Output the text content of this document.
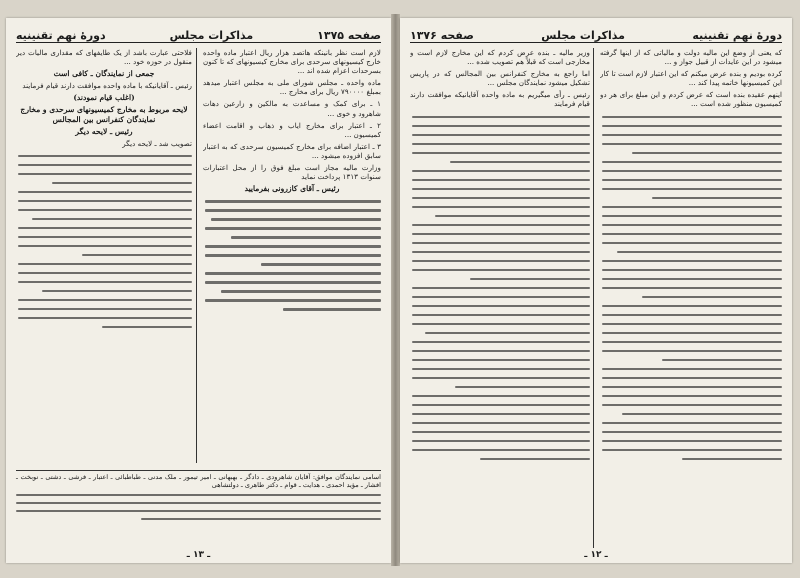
صفحه ۱۳۷۵
مذاکرات مجلس
دورهٔ نهم تقنینیه

لازم است نظر بانینکه هاتصد هزار ریال اعتبار ماده واحده خارج کیسیونهای سرحدی برای مخارج کیسیونهای که تا کنون بسرحدات اعزام شده اند ...

ماده واحده ـ مجلس شورای ملی به مجلس اعتبار میدهد بمبلغ ۷۹۰۰۰۰ ریال برای مخارج ...

۱ ـ برای کمک و مساعدت به مالکین و زارعین دهات شاهرود و خوی ...

۲ ـ اعتبار برای مخارج ایاب و ذهاب و اقامت اعضاء کمیسیون ...

۳ ـ اعتبار اضافه برای مخارج کمیسیون سرحدی که به اعتبار سابق افزوده میشود ...

وزارت مالیه مجاز است مبلغ فوق را از محل اعتبارات سنوات ۱۳۱۳ پرداخت نماید

رئیس ـ آقای کازرونی بفرمایید

فلاحتی عبارت باشد از یک طایفهای که مقداری مالیات دیر منقول در حوزه خود ...

جمعی از نمایندگان ـ کافی است

رئیس ـ آقایانیکه با ماده واحده موافقت دارند قیام فرمایند

(اغلب قیام نمودند)

لایحه مربوط به مخارج کمیسیونهای سرحدی و مخارج نمایندگان کنفرانس بین المجالس

رئیس ـ لایحه دیگر

تصویب شد ـ لایحه دیگر

اسامی نمایندگان موافق: آقایان شاهرودی ـ دادگر ـ بهبهانی ـ امیر تیمور ـ ملک مدنی ـ طباطبائی ـ اعتبار ـ فرشی ـ دشتی ـ نوبخت ـ افشار ـ مؤید احمدی ـ هدایت ـ قوام ـ دکتر طاهری ـ دولتشاهی

ـ ۱۳ ـ
دورهٔ نهم تقنینیه
مذاکرات مجلس
صفحه ۱۳۷۶

که یعنی از وضع این مالیه دولت و مالیاتی که از اینها گرفته میشود در این عایدات از قبیل جواز و ...

کرده بودیم و بنده عرض میکنم که این اعتبار لازم است تا کار این کمیسیونها خاتمه پیدا کند ...

اینهم عقیده بنده است که عرض کردم و این مبلغ برای هر دو کمیسیون منظور شده است ...

وزیر مالیه ـ بنده عرض کردم که این مخارج لازم است و مخارجی است که قبلاً هم تصویب شده ...

اما راجع به مخارج کنفرانس بین المجالس که در پاریس تشکیل میشود نمایندگان مجلس ...

رئیس ـ رأی میگیریم به ماده واحده آقایانیکه موافقت دارند قیام فرمایند

ـ ۱۲ ـ
